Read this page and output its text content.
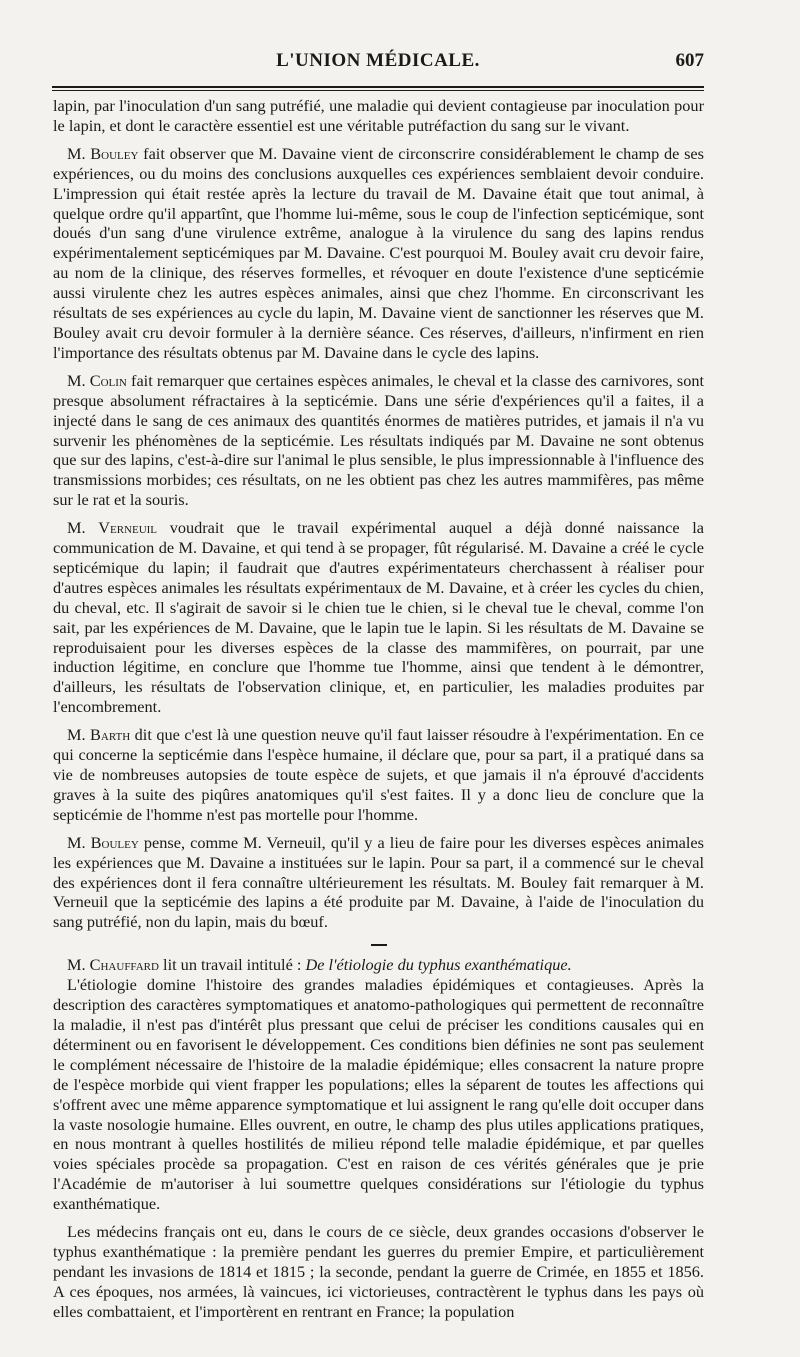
L'UNION MÉDICALE.	607

lapin, par l'inoculation d'un sang putréfié, une maladie qui devient contagieuse par inoculation pour le lapin, et dont le caractère essentiel est une véritable putréfaction du sang sur le vivant.

M. Bouley fait observer que M. Davaine vient de circonscrire considérablement le champ de ses expériences, ou du moins des conclusions auxquelles ces expériences semblaient devoir conduire. L'impression qui était restée après la lecture du travail de M. Davaine était que tout animal, à quelque ordre qu'il appartînt, que l'homme lui-même, sous le coup de l'infection septicémique, sont doués d'un sang d'une virulence extrême, analogue à la virulence du sang des lapins rendus expérimentalement septicémiques par M. Davaine. C'est pourquoi M. Bouley avait cru devoir faire, au nom de la clinique, des réserves formelles, et révoquer en doute l'existence d'une septicémie aussi virulente chez les autres espèces animales, ainsi que chez l'homme. En circonscrivant les résultats de ses expériences au cycle du lapin, M. Davaine vient de sanctionner les réserves que M. Bouley avait cru devoir formuler à la dernière séance. Ces réserves, d'ailleurs, n'infirment en rien l'importance des résultats obtenus par M. Davaine dans le cycle des lapins.

M. Colin fait remarquer que certaines espèces animales, le cheval et la classe des carnivores, sont presque absolument réfractaires à la septicémie. Dans une série d'expériences qu'il a faites, il a injecté dans le sang de ces animaux des quantités énormes de matières putrides, et jamais il n'a vu survenir les phénomènes de la septicémie. Les résultats indiqués par M. Davaine ne sont obtenus que sur des lapins, c'est-à-dire sur l'animal le plus sensible, le plus impressionnable à l'influence des transmissions morbides; ces résultats, on ne les obtient pas chez les autres mammifères, pas même sur le rat et la souris.

M. Verneuil voudrait que le travail expérimental auquel a déjà donné naissance la communication de M. Davaine, et qui tend à se propager, fût régularisé. M. Davaine a créé le cycle septicémique du lapin; il faudrait que d'autres expérimentateurs cherchassent à réaliser pour d'autres espèces animales les résultats expérimentaux de M. Davaine, et à créer les cycles du chien, du cheval, etc. Il s'agirait de savoir si le chien tue le chien, si le cheval tue le cheval, comme l'on sait, par les expériences de M. Davaine, que le lapin tue le lapin. Si les résultats de M. Davaine se reproduisaient pour les diverses espèces de la classe des mammifères, on pourrait, par une induction légitime, en conclure que l'homme tue l'homme, ainsi que tendent à le démontrer, d'ailleurs, les résultats de l'observation clinique, et, en particulier, les maladies produites par l'encombrement.

M. Barth dit que c'est là une question neuve qu'il faut laisser résoudre à l'expérimentation. En ce qui concerne la septicémie dans l'espèce humaine, il déclare que, pour sa part, il a pratiqué dans sa vie de nombreuses autopsies de toute espèce de sujets, et que jamais il n'a éprouvé d'accidents graves à la suite des piqûres anatomiques qu'il s'est faites. Il y a donc lieu de conclure que la septicémie de l'homme n'est pas mortelle pour l'homme.

M. Bouley pense, comme M. Verneuil, qu'il y a lieu de faire pour les diverses espèces animales les expériences que M. Davaine a instituées sur le lapin. Pour sa part, il a commencé sur le cheval des expériences dont il fera connaître ultérieurement les résultats. M. Bouley fait remarquer à M. Verneuil que la septicémie des lapins a été produite par M. Davaine, à l'aide de l'inoculation du sang putréfié, non du lapin, mais du bœuf.

M. Chauffard lit un travail intitulé : De l'étiologie du typhus exanthématique.

L'étiologie domine l'histoire des grandes maladies épidémiques et contagieuses. Après la description des caractères symptomatiques et anatomo-pathologiques qui permettent de reconnaître la maladie, il n'est pas d'intérêt plus pressant que celui de préciser les conditions causales qui en déterminent ou en favorisent le développement. Ces conditions bien définies ne sont pas seulement le complément nécessaire de l'histoire de la maladie épidémique; elles consacrent la nature propre de l'espèce morbide qui vient frapper les populations; elles la séparent de toutes les affections qui s'offrent avec une même apparence symptomatique et lui assignent le rang qu'elle doit occuper dans la vaste nosologie humaine. Elles ouvrent, en outre, le champ des plus utiles applications pratiques, en nous montrant à quelles hostilités de milieu répond telle maladie épidémique, et par quelles voies spéciales procède sa propagation. C'est en raison de ces vérités générales que je prie l'Académie de m'autoriser à lui soumettre quelques considérations sur l'étiologie du typhus exanthématique.

Les médecins français ont eu, dans le cours de ce siècle, deux grandes occasions d'observer le typhus exanthématique : la première pendant les guerres du premier Empire, et particulièrement pendant les invasions de 1814 et 1815 ; la seconde, pendant la guerre de Crimée, en 1855 et 1856. A ces époques, nos armées, là vaincues, ici victorieuses, contractèrent le typhus dans les pays où elles combattaient, et l'importèrent en rentrant en France; la population
